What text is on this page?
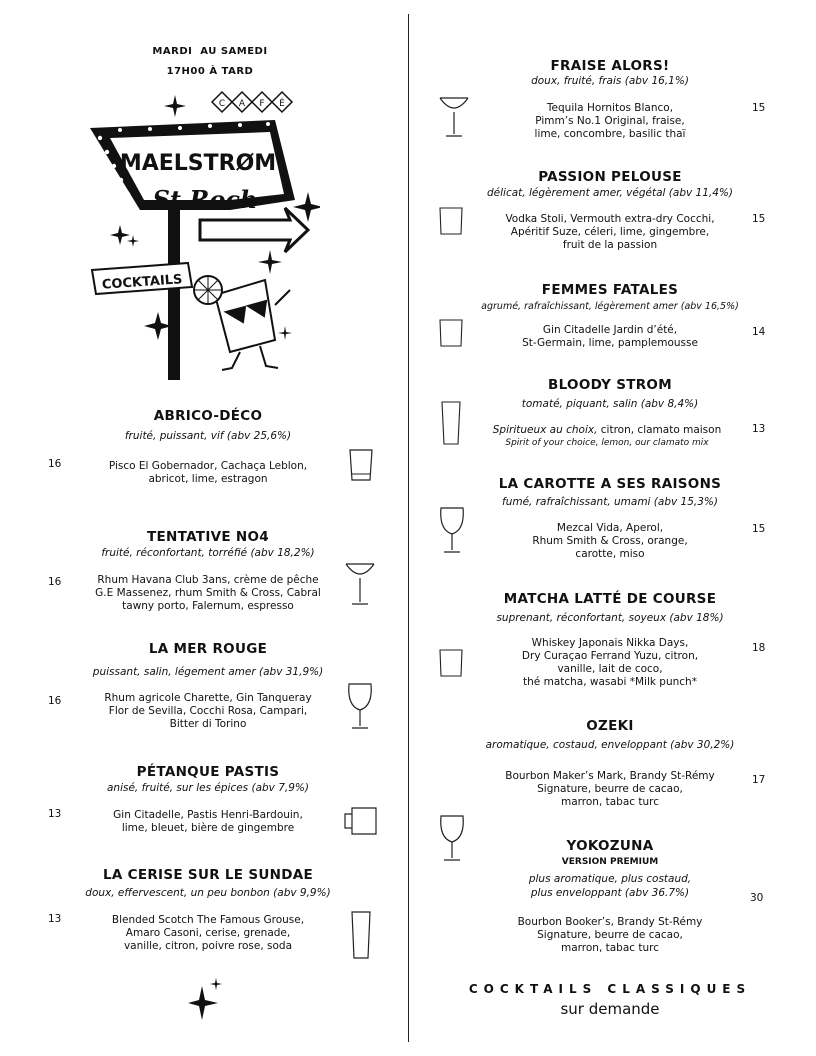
MARDI  AU SAMEDI
17H00 À TARD
C A F É
MAELSTRØM
St Roch
COCKTAILS
ABRICO-DÉCO
fruité, puissant, vif (abv 25,6%)
16	Pisco El Gobernador, Cachaça Leblon,
abricot, lime, estragon
TENTATIVE NO4
fruité, réconfortant, torréfié (abv 18,2%)
16	Rhum Havana Club 3ans, crème de pêche
G.E Massenez, rhum Smith & Cross, Cabral
tawny porto, Falernum, espresso
LA MER ROUGE
puissant, salin, légement amer (abv 31,9%)
16	Rhum agricole Charette, Gin Tanqueray
Flor de Sevilla, Cocchi Rosa, Campari,
Bitter di Torino
PÉTANQUE PASTIS
anisé, fruité, sur les épices (abv 7,9%)
13	Gin Citadelle, Pastis Henri-Bardouin,
lime, bleuet, bière de gingembre
LA CERISE SUR LE SUNDAE
doux, effervescent, un peu bonbon (abv 9,9%)
13	Blended Scotch The Famous Grouse,
Amaro Casoni, cerise, grenade,
vanille, citron, poivre rose, soda
FRAISE ALORS!
doux, fruité, frais (abv 16,1%)
Tequila Hornitos Blanco,
Pimm’s No.1 Original, fraise,
lime, concombre, basilic thaï
15
PASSION PELOUSE
délicat, légèrement amer, végétal (abv 11,4%)
Vodka Stoli, Vermouth extra-dry Cocchi,
Apéritif Suze, céleri, lime, gingembre,
fruit de la passion
15
FEMMES FATALES
agrumé, rafraîchissant, légèrement amer (abv 16,5%)
Gin Citadelle Jardin d’été,
St-Germain, lime, pamplemousse
14
BLOODY STROM
tomaté, piquant, salin (abv 8,4%)
Spiritueux au choix, citron, clamato maison
Spirit of your choice, lemon, our clamato mix
13
LA CAROTTE A SES RAISONS
fumé, rafraîchissant, umami (abv 15,3%)
Mezcal Vida, Aperol,
Rhum Smith & Cross, orange,
carotte, miso
15
MATCHA LATTÉ DE COURSE
suprenant, réconfortant, soyeux (abv 18%)
Whiskey Japonais Nikka Days,
Dry Curaçao Ferrand Yuzu, citron,
vanille, lait de coco,
thé matcha, wasabi *Milk punch*
18
OZEKI
aromatique, costaud, enveloppant (abv 30,2%)
Bourbon Maker’s Mark, Brandy St-Rémy
Signature, beurre de cacao,
marron, tabac turc
17
YOKOZUNA
VERSION PREMIUM
plus aromatique, plus costaud,
plus enveloppant (abv 36.7%)
Bourbon Booker’s, Brandy St-Rémy
Signature, beurre de cacao,
marron, tabac turc
30
COCKTAILS CLASSIQUES
sur demande
